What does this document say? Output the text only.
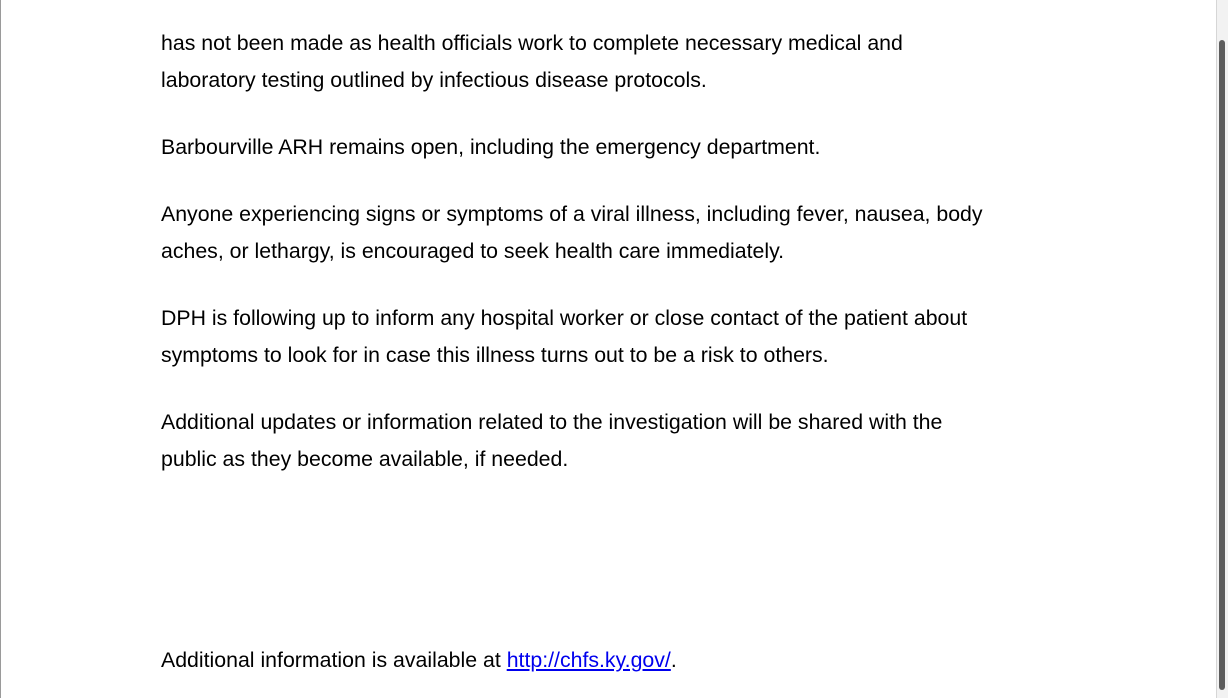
has not been made as health officials work to complete necessary medical and
laboratory testing outlined by infectious disease protocols.

Barbourville ARH remains open, including the emergency department.

Anyone experiencing signs or symptoms of a viral illness, including fever, nausea, body
aches, or lethargy, is encouraged to seek health care immediately.

DPH is following up to inform any hospital worker or close contact of the patient about
symptoms to look for in case this illness turns out to be a risk to others.

Additional updates or information related to the investigation will be shared with the
public as they become available, if needed.

Additional information is available at http://chfs.ky.gov/.
